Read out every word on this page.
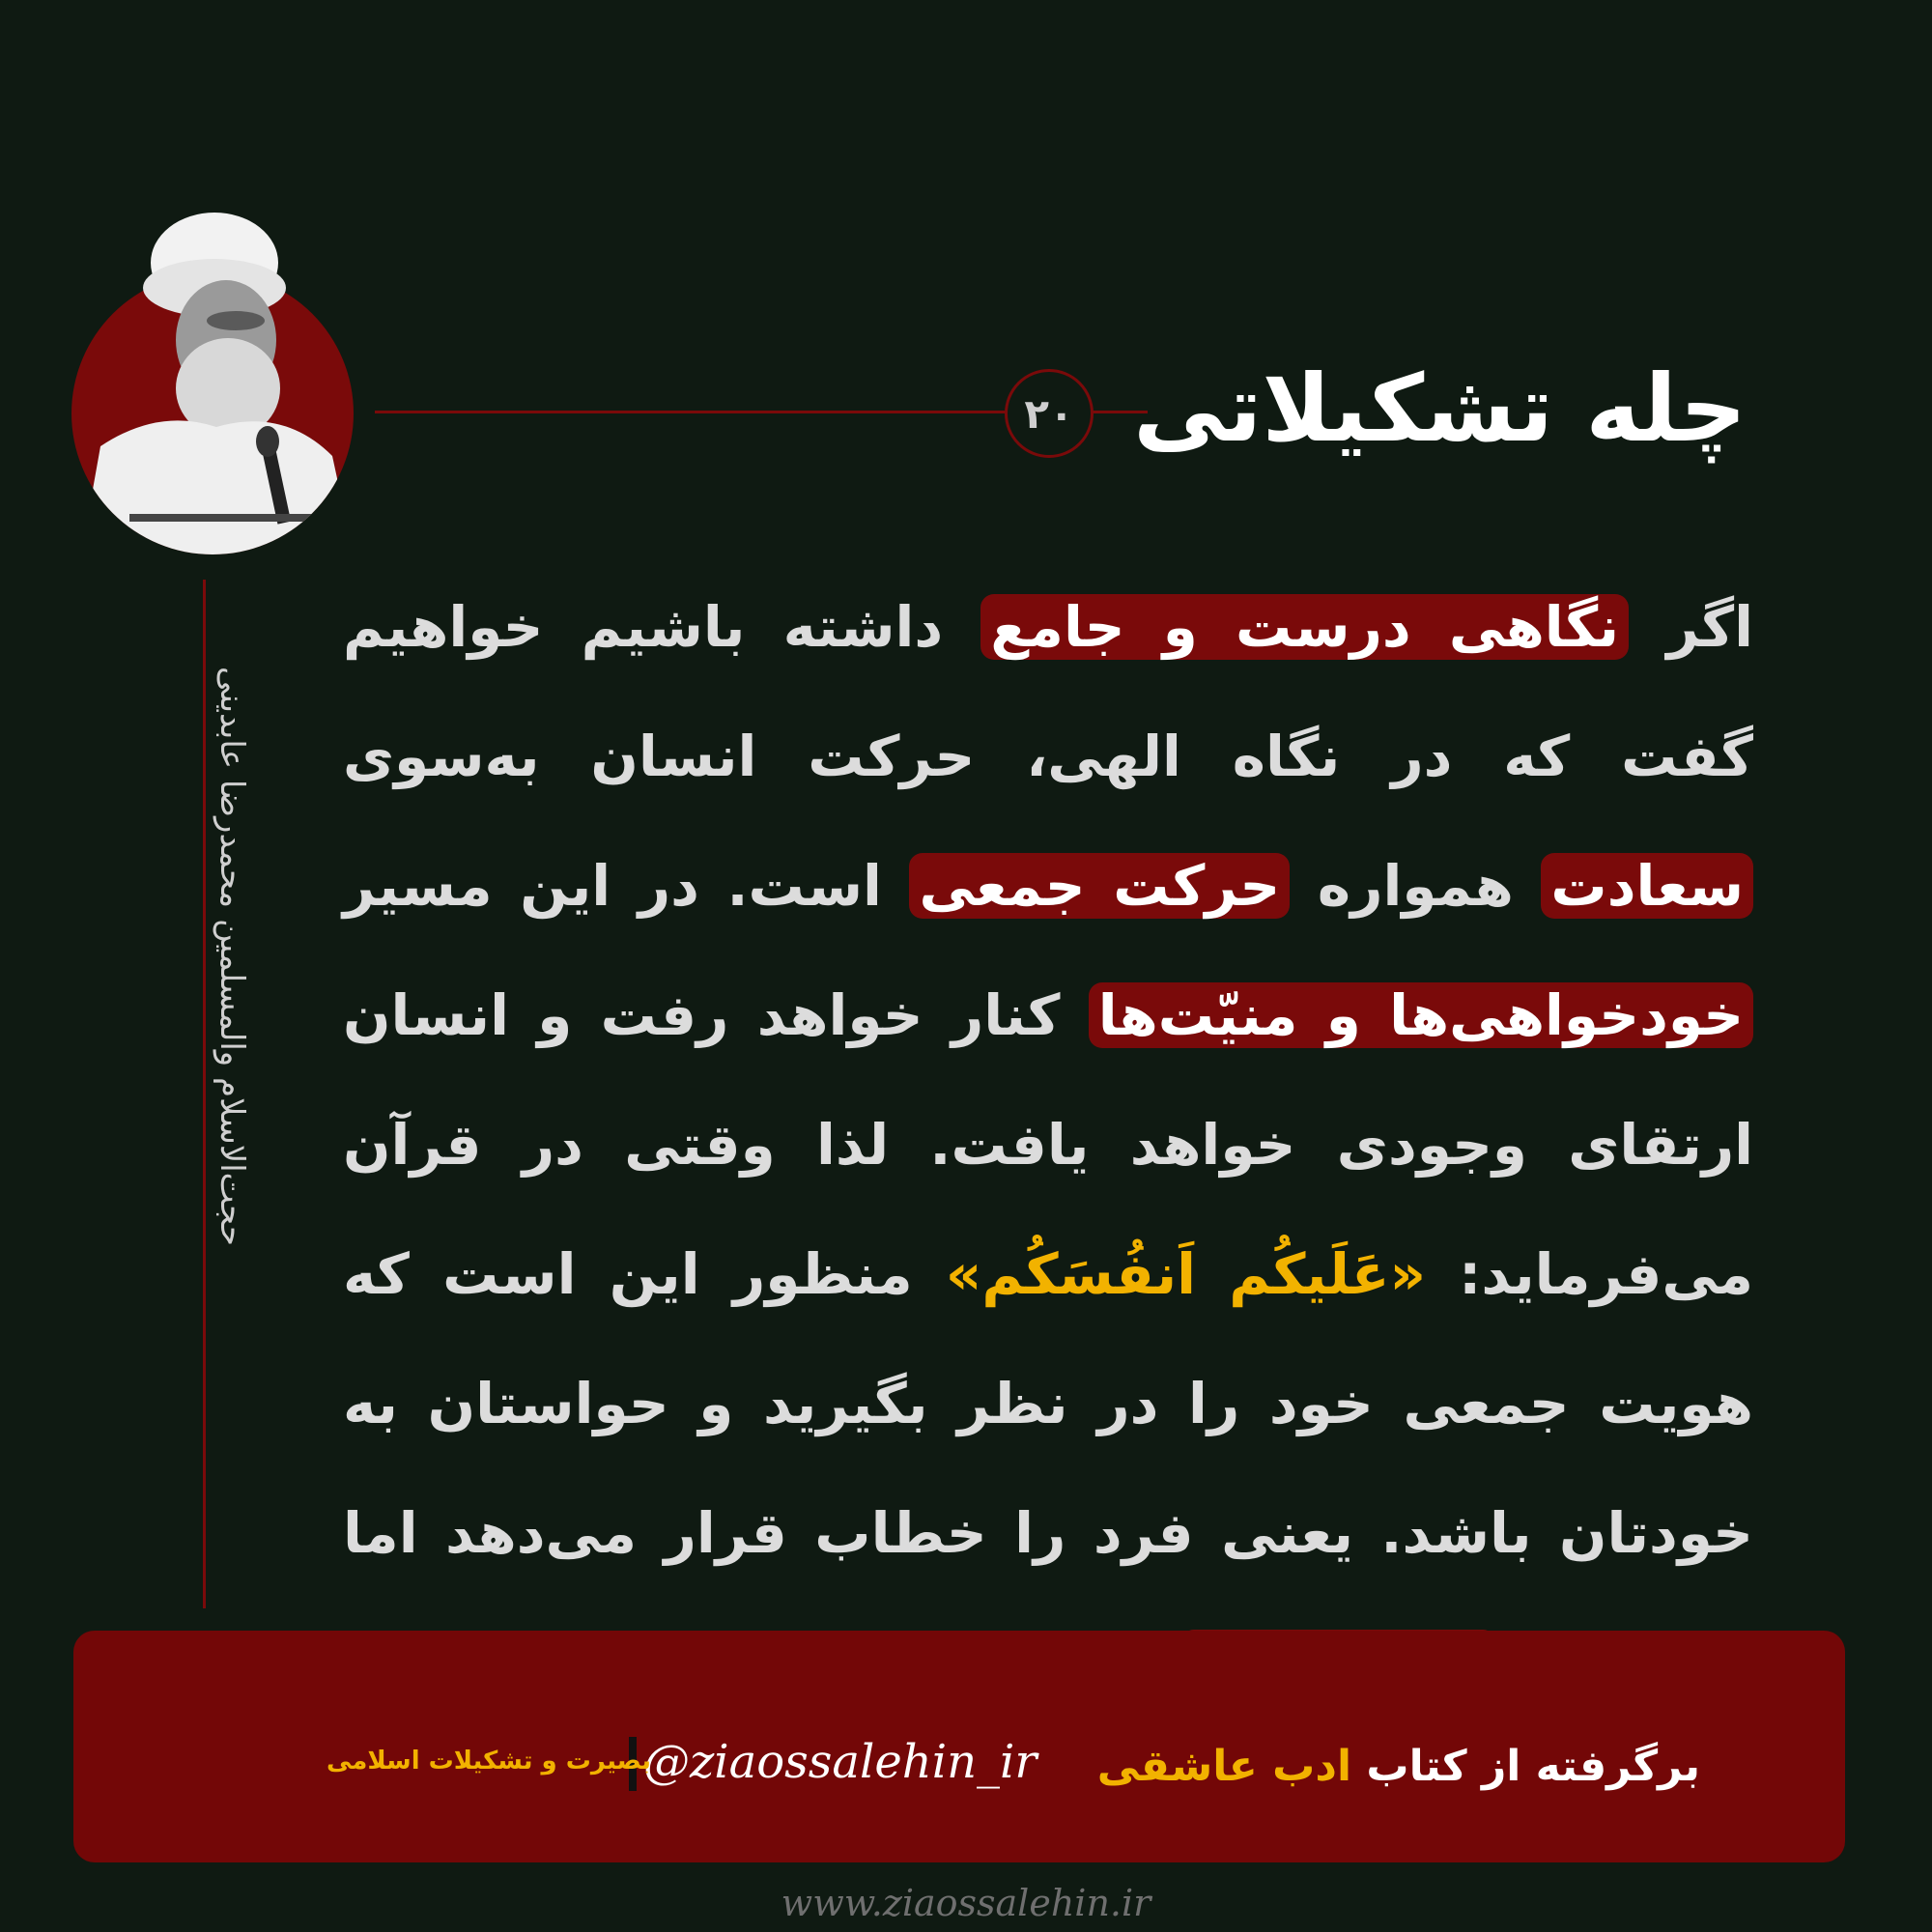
حجت‌الاسلام والمسلمین محمدرضا عابدینی
۲۰ چله تشکیلاتی
اگر نگاهی درست و جامع داشته باشیم خواهیم گفت که در نگاه الهی، حرکت انسان به‌سوی سعادت همواره حرکت جمعی است. در این مسیر خودخواهی‌ها و منیّت‌ها کنار خواهد رفت و انسان ارتقای وجودی خواهد یافت. لذا وقتی در قرآن می‌فرماید: «عَلَیکُم اَنفُسَکُم» منظور این است که هویت جمعی خود را در نظر بگیرید و حواستان به خودتان باشد. یعنی فرد را خطاب قرار می‌دهد اما
برگرفته از کتاب ادب عاشقی
@ziaossalehin_ir
بصیرت و تشکیلات اسلامی
www.ziaossalehin.ir
